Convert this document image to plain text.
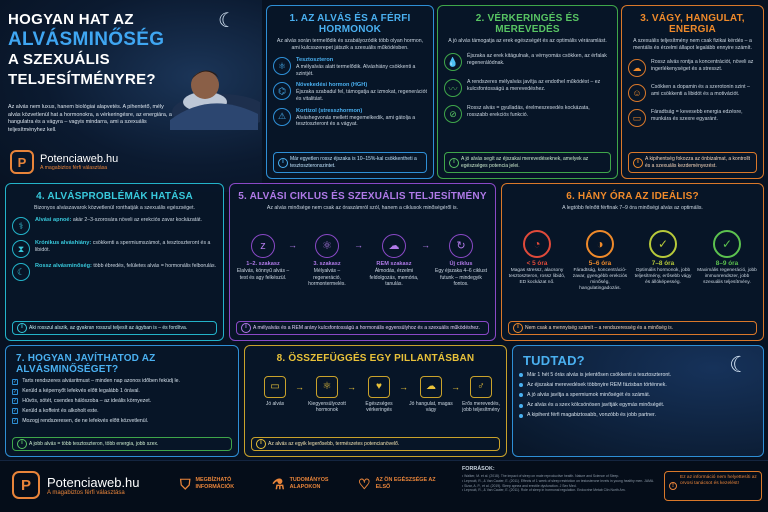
☾
HOGYAN HAT AZ
ALVÁSMINŐSÉG
A SZEXUÁLIS
TELJESÍTMÉNYRE?
Az alvás nem luxus, hanem biológiai alapvetés. A pihentető, mély alvás közvetlenül hat a hormonokra, a vérkeringésre, az energiára, a hangulatra és a vágyra – vagyis mindarra, ami a szexuális teljesítményhez kell.
P	Potenciaweb.hu
A magabiztos férfi választása
1. AZ ALVÁS ÉS A FÉRFI HORMONOK
Az alvás során termelődik és szabályozódik több olyan hormon, ami kulcsszerepet játszik a szexuális működésben.
⚛
Tesztoszteron
A mélyalvás alatt termelődik. Alváshiány csökkenti a szintjét.
⌬
Növekedési hormon (HGH)
Éjszaka szabadul fel, támogatja az izmokat, regenerációt és vitalitást.
⚠
Kortizol (stresszhormon)
Alváshegvonás mellett megemelkedik, ami gátolja a tesztoszteront és a vágyat.
i Már egyetlen rossz éjszaka is 10–15%-kal csökkentheti a tesztoszteronszintet.
2. VÉRKERINGÉS ÉS MEREVEDÉS
A jó alvás támogatja az erek egészségét és az optimális véráramlást.
💧
Éjszaka az erek kitágulnak, a vérnyomás csökken, az érfalak regenerálódnak.
〰
A rendszeres mélyalvás javítja az endothel működést – ez kulcsfontosságú a merevedéshez.
⊘
Rossz alvás = gyulladás, érelmeszesedés kockázata, rosszabb erekciós funkció.
i A jó alvás segít az éjszakai merevedéseknek, amelyek az egészséges potencia jelei.
3. VÁGY, HANGULAT, ENERGIA
A szexuális teljesítmény nem csak fizikai kérdés – a mentális és érzelmi állapot legalább ennyire számít.
☁
Rossz alvás rontja a koncentrációt, növeli az ingerlékenységet és a stresszt.
☺
Csökken a dopamin és a szerotonin szint – ami csökkenti a libidót és a motivációt.
▭
Fáradtság = kevesebb energia edzésre, munkára és szexre egyaránt.
i A kipihentség fokozza az önbizalmat, a kontrollt és a szexuális kezdeményezést.
4. ALVÁSPROBLÉMÁK HATÁSA
Bizonyos alvászavarok közvetlenül ronthatják a szexuális egészséget.
⚕
Alvási apnoé: akár 2–3-szorosára növeli az erekciós zavar kockázatát.
⧗
Krónikus alváshiány: csökkenti a spermiumszámot, a tesztoszteront és a libidót.
☾
Rossz alvásminőség: több ébredés, felületes alvás = hormonális felborulás.
i Aki rosszul alszik, az gyakran rosszul teljesít az ágyban is – és fordítva.
5. ALVÁSI CIKLUS ÉS SZEXUÁLIS TELJESÍTMÉNY
Az alvás minősége nem csak az óraszámról szól, hanem a ciklusok minőségéről is.
z
1–2. szakasz
Elalvás, könnyű alvás – test és agy felkészül.
→	⚛
3. szakasz
Mélyalvás – regeneráció, hormontermelés.
→	☁
REM szakasz
Álmodás, érzelmi feldolgozás, memória, tanulás.
→	↻
Új ciklus
Egy éjszaka 4–6 ciklust futunk – mindegyik fontos.
i A mélyalvás és a REM arány kulcsfontosságú a hormonális egyensúlyhoz és a szexuális működéshez.
6. HÁNY ÓRA AZ IDEÁLIS?
A legtöbb felnőtt férfinak 7–9 óra minőségi alvás az optimális.
◔
< 5 óra
Magas stressz, alacsony tesztoszteron, rossz libidó, ED kockázat nő.
◑
5–6 óra
Fáradtság, koncentráció-zavar, gyengébb erekciós minőség, hangulatingadozás.
✓
7–8 óra
Optimális hormonok, jobb teljesítmény, erősebb vágy és állóképesség.
✓
8–9 óra
Maximális regeneráció, jobb immunrendszer, jobb szexuális teljesítmény.
i Nem csak a mennyiség számít – a rendszeresség és a minőség is.
7. HOGYAN JAVÍTHATOD AZ ALVÁSMINŐSÉGET?
✓ Tarts rendszeres alvásritmust – minden nap azonos időben feküdj le.
✓ Kerüld a képernyőt lefekvés előtt legalább 1 órával.
✓ Hűvös, sötét, csendes hálószoba – az ideális környezet.
✓ Kerüld a koffeint és alkoholt este.
✓ Mozogj rendszeresen, de ne lefekvés előtt közvetlenül.
i A jobb alvás = több tesztoszteron, több energia, jobb szex.
8. ÖSSZEFÜGGÉS EGY PILLANTÁSBAN
▭
Jó alvás
→	⚛
Kiegyensúlyozott hormonok
→	♥
Egészséges vérkeringés
→	☁
Jó hangulat, magas vágy
→	♂
Erős merevedés, jobb teljesítmény
i Az alvás az egyik legerősebb, természetes potencianövelő.
TUDTAD?	☾
Már 1 hét 5 órás alvás is jelentősen csökkenti a tesztoszteront.
Az éjszakai merevedések többnyire REM fázisban történnek.
A jó alvás javítja a spermiumok minőségét és számát.
Az alvás és a szex kölcsönösen javítják egymás minőségét.
A kipihent férfi magabiztosabb, vonzóbb és jobb partner.
P	Potenciaweb.hu
A magabiztos férfi választása
⛉ MEGBÍZHATÓ INFORMÁCIÓK	⚗ TUDOMÁNYOS ALAPOKON	♡ AZ ÖN EGÉSZSÉGE AZ ELSŐ
FORRÁSOK:
• Walker, M. et al. (2018). The impact of sleep on male reproductive health. Nature and Science of Sleep.
• Leproult, R., & Van Cauter, E. (2011). Effects of 1 week of sleep restriction on testosterone levels in young healthy men. JAMA.
• Sizar, A. P., et al. (2019). Sleep apnea and erectile dysfunction. J Sex Med.
• Leproult, R., & Van Cauter, E. (2011). Role of sleep in hormonal regulation. Endocrine Metab Clin North Am.
!
Ez az információ nem helyettesíti az orvosi tanácsot és kezelést!
